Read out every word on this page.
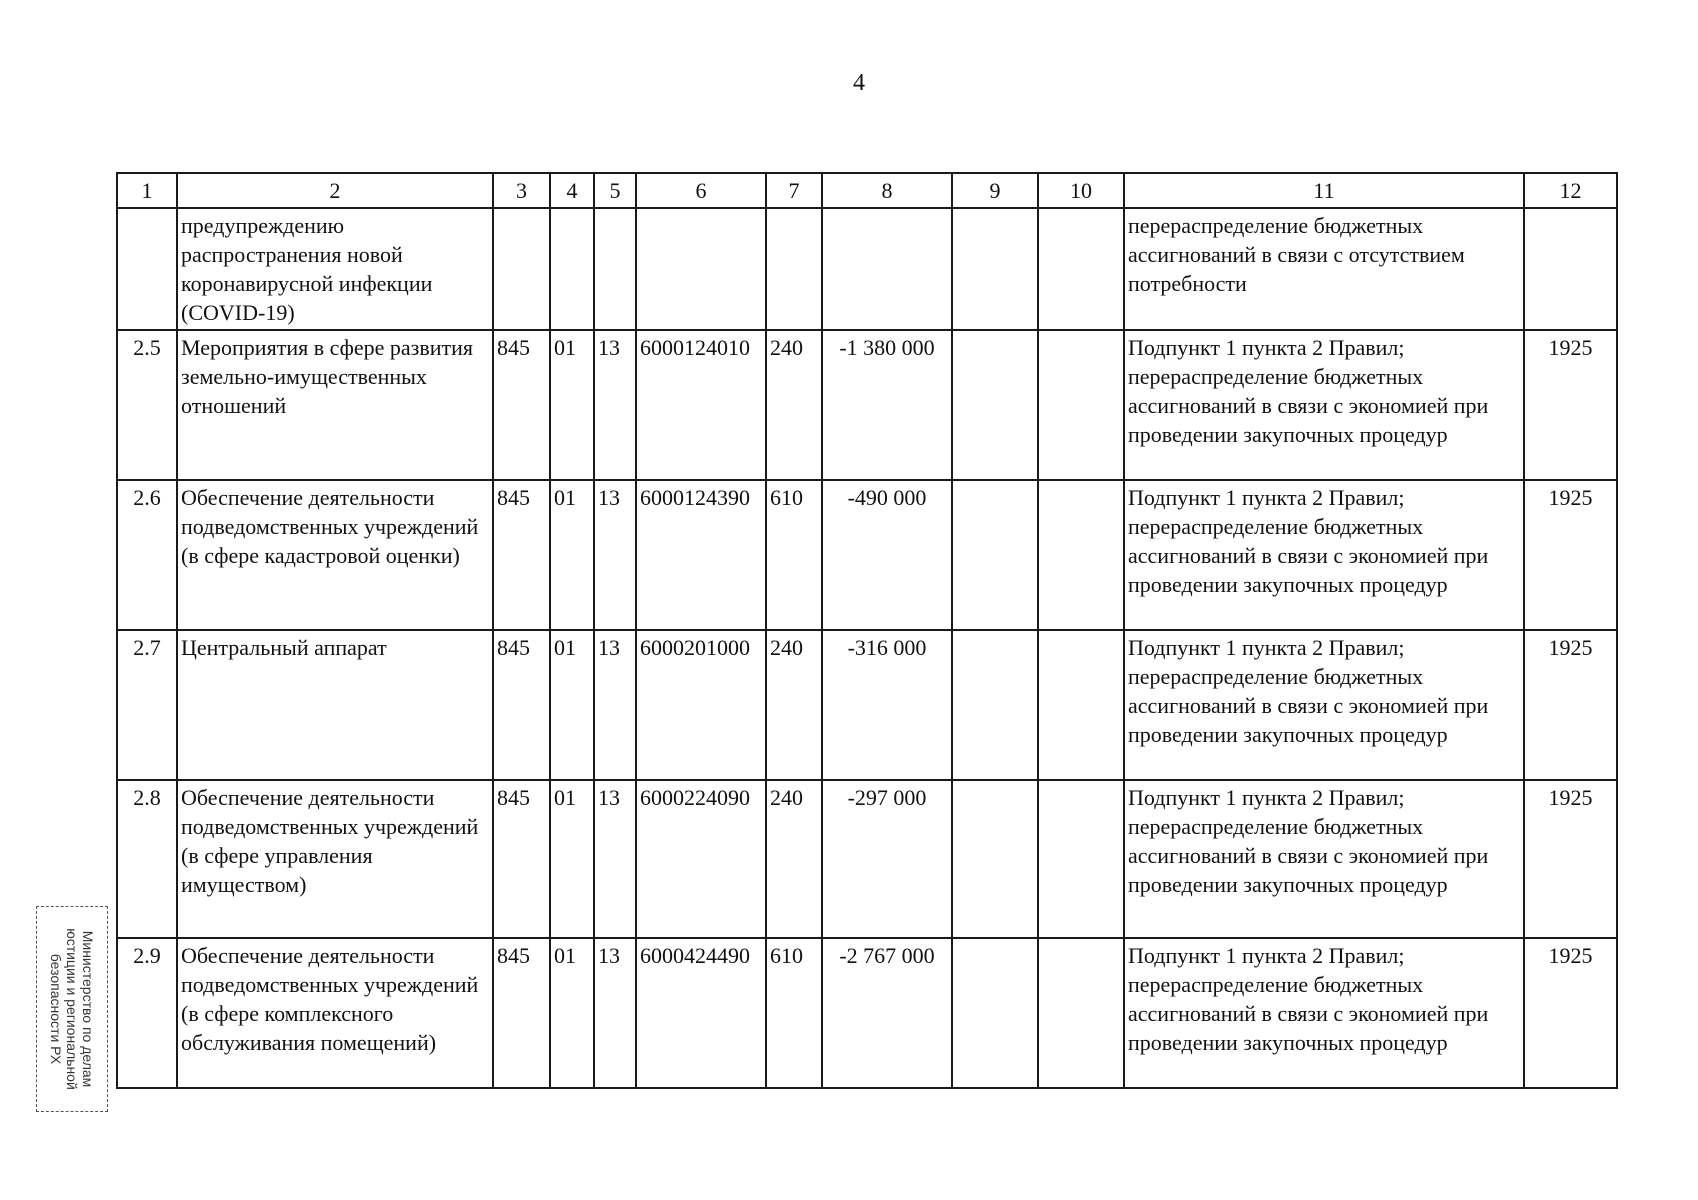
4
1	2	3	4	5	6	7	8	9	10	11	12
	предупреждению распространения новой коронавирусной инфекции (COVID-19)									перераспределение бюджетных ассигнований в связи с отсутствием потребности	
2.5	Мероприятия в сфере развития земельно-имущественных отношений	845	01	13	6000124010	240	-1 380 000			Подпункт 1 пункта 2 Правил; перераспределение бюджетных ассигнований в связи с экономией при проведении закупочных процедур	1925
2.6	Обеспечение деятельности подведомственных учреждений (в сфере кадастровой оценки)	845	01	13	6000124390	610	-490 000			Подпункт 1 пункта 2 Правил; перераспределение бюджетных ассигнований в связи с экономией при проведении закупочных процедур	1925
2.7	Центральный аппарат	845	01	13	6000201000	240	-316 000			Подпункт 1 пункта 2 Правил; перераспределение бюджетных ассигнований в связи с экономией при проведении закупочных процедур	1925
2.8	Обеспечение деятельности подведомственных учреждений (в сфере управления имуществом)	845	01	13	6000224090	240	-297 000			Подпункт 1 пункта 2 Правил; перераспределение бюджетных ассигнований в связи с экономией при проведении закупочных процедур	1925
2.9	Обеспечение деятельности подведомственных учреждений (в сфере комплексного обслуживания помещений)	845	01	13	6000424490	610	-2 767 000			Подпункт 1 пункта 2 Правил; перераспределение бюджетных ассигнований в связи с экономией при проведении закупочных процедур	1925
Министерство по делам
юстиции и региональной
безопасности РХ
